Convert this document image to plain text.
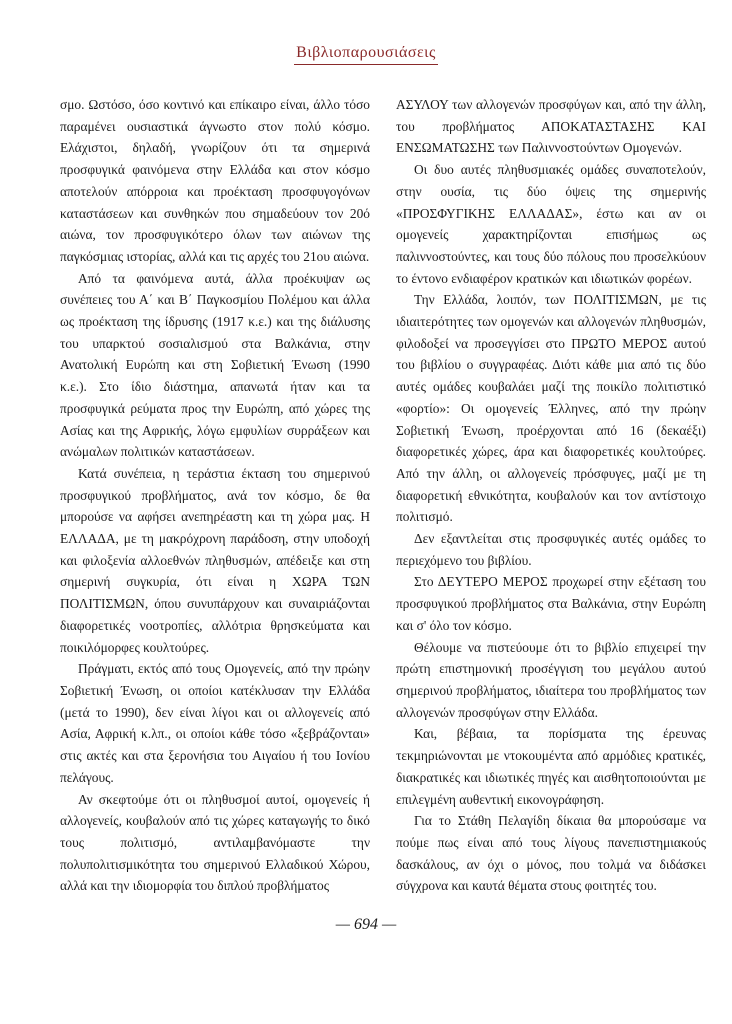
Βιβλιοπαρουσιάσεις

σμο. Ωστόσο, όσο κοντινό και επίκαιρο είναι, άλλο τόσο παραμένει ουσιαστικά άγνωστο στον πολύ κόσμο. Ελάχιστοι, δηλαδή, γνωρίζουν ότι τα σημερινά προσφυγικά φαινόμενα στην Ελλάδα και στον κόσμο αποτελούν απόρροια και προέκταση προσφυγογόνων καταστάσεων και συνθηκών που σημαδεύουν τον 20ό αιώνα, τον προσφυγικότερο όλων των αιώνων της παγκόσμιας ιστορίας, αλλά και τις αρχές του 21ου αιώνα.

Από τα φαινόμενα αυτά, άλλα προέκυψαν ως συνέπειες του Α΄ και Β΄ Παγκοσμίου Πολέμου και άλλα ως προέκταση της ίδρυσης (1917 κ.ε.) και της διάλυσης του υπαρκτού σοσιαλισμού στα Βαλκάνια, στην Ανατολική Ευρώπη και στη Σοβιετική Ένωση (1990 κ.ε.). Στο ίδιο διάστημα, απανωτά ήταν και τα προσφυγικά ρεύματα προς την Ευρώπη, από χώρες της Ασίας και της Αφρικής, λόγω εμφυλίων συρράξεων και ανώμαλων πολιτικών καταστάσεων.

Κατά συνέπεια, η τεράστια έκταση του σημερινού προσφυγικού προβλήματος, ανά τον κόσμο, δε θα μπορούσε να αφήσει ανεπηρέαστη και τη χώρα μας. Η ΕΛΛΑΔΑ, με τη μακρόχρονη παράδοση, στην υποδοχή και φιλοξενία αλλοεθνών πληθυσμών, απέδειξε και στη σημερινή συγκυρία, ότι είναι η ΧΩΡΑ ΤΩΝ ΠΟΛΙΤΙΣΜΩΝ, όπου συνυπάρχουν και συναιριάζονται διαφορετικές νοοτροπίες, αλλότρια θρησκεύματα και ποικιλόμορφες κουλτούρες.

Πράγματι, εκτός από τους Ομογενείς, από την πρώην Σοβιετική Ένωση, οι οποίοι κατέκλυσαν την Ελλάδα (μετά το 1990), δεν είναι λίγοι και οι αλλογενείς από Ασία, Αφρική κ.λπ., οι οποίοι κάθε τόσο «ξεβράζονται» στις ακτές και στα ξερονήσια του Αιγαίου ή του Ιονίου πελάγους.

Αν σκεφτούμε ότι οι πληθυσμοί αυτοί, ομογενείς ή αλλογενείς, κουβαλούν από τις χώρες καταγωγής το δικό τους πολιτισμό, αντιλαμβανόμαστε την πολυπολιτισμικότητα του σημερινού Ελλαδικού Χώρου, αλλά και την ιδιομορφία του διπλού προβλήματος

ΑΣΥΛΟΥ των αλλογενών προσφύγων και, από την άλλη, του προβλήματος ΑΠΟΚΑΤΑΣΤΑΣΗΣ ΚΑΙ ΕΝΣΩΜΑΤΩΣΗΣ των Παλιννοστούντων Ομογενών.

Οι δυο αυτές πληθυσμιακές ομάδες συναποτελούν, στην ουσία, τις δύο όψεις της σημερινής «ΠΡΟΣΦΥΓΙΚΗΣ ΕΛΛΑΔΑΣ», έστω και αν οι ομογενείς χαρακτηρίζονται επισήμως ως παλιννοστούντες, και τους δύο πόλους που προσελκύουν το έντονο ενδιαφέρον κρατικών και ιδιωτικών φορέων.

Την Ελλάδα, λοιπόν, των ΠΟΛΙΤΙΣΜΩΝ, με τις ιδιαιτερότητες των ομογενών και αλλογενών πληθυσμών, φιλοδοξεί να προσεγγίσει στο ΠΡΩΤΟ ΜΕΡΟΣ αυτού του βιβλίου ο συγγραφέας. Διότι κάθε μια από τις δύο αυτές ομάδες κουβαλάει μαζί της ποικίλο πολιτιστικό «φορτίο»: Οι ομογενείς Έλληνες, από την πρώην Σοβιετική Ένωση, προέρχονται από 16 (δεκαέξι) διαφορετικές χώρες, άρα και διαφορετικές κουλτούρες. Από την άλλη, οι αλλογενείς πρόσφυγες, μαζί με τη διαφορετική εθνικότητα, κουβαλούν και τον αντίστοιχο πολιτισμό.

Δεν εξαντλείται στις προσφυγικές αυτές ομάδες το περιεχόμενο του βιβλίου.

Στο ΔΕΥΤΕΡΟ ΜΕΡΟΣ προχωρεί στην εξέταση του προσφυγικού προβλήματος στα Βαλκάνια, στην Ευρώπη και σ' όλο τον κόσμο.

Θέλουμε να πιστεύουμε ότι το βιβλίο επιχειρεί την πρώτη επιστημονική προσέγγιση του μεγάλου αυτού σημερινού προβλήματος, ιδιαίτερα του προβλήματος των αλλογενών προσφύγων στην Ελλάδα.

Και, βέβαια, τα πορίσματα της έρευνας τεκμηριώνονται με ντοκουμέντα από αρμόδιες κρατικές, διακρατικές και ιδιωτικές πηγές και αισθητοποιούνται με επιλεγμένη αυθεντική εικονογράφηση.

Για το Στάθη Πελαγίδη δίκαια θα μπορούσαμε να πούμε πως είναι από τους λίγους πανεπιστημιακούς δασκάλους, αν όχι ο μόνος, που τολμά να διδάσκει σύγχρονα και καυτά θέματα στους φοιτητές του.

— 694 —
